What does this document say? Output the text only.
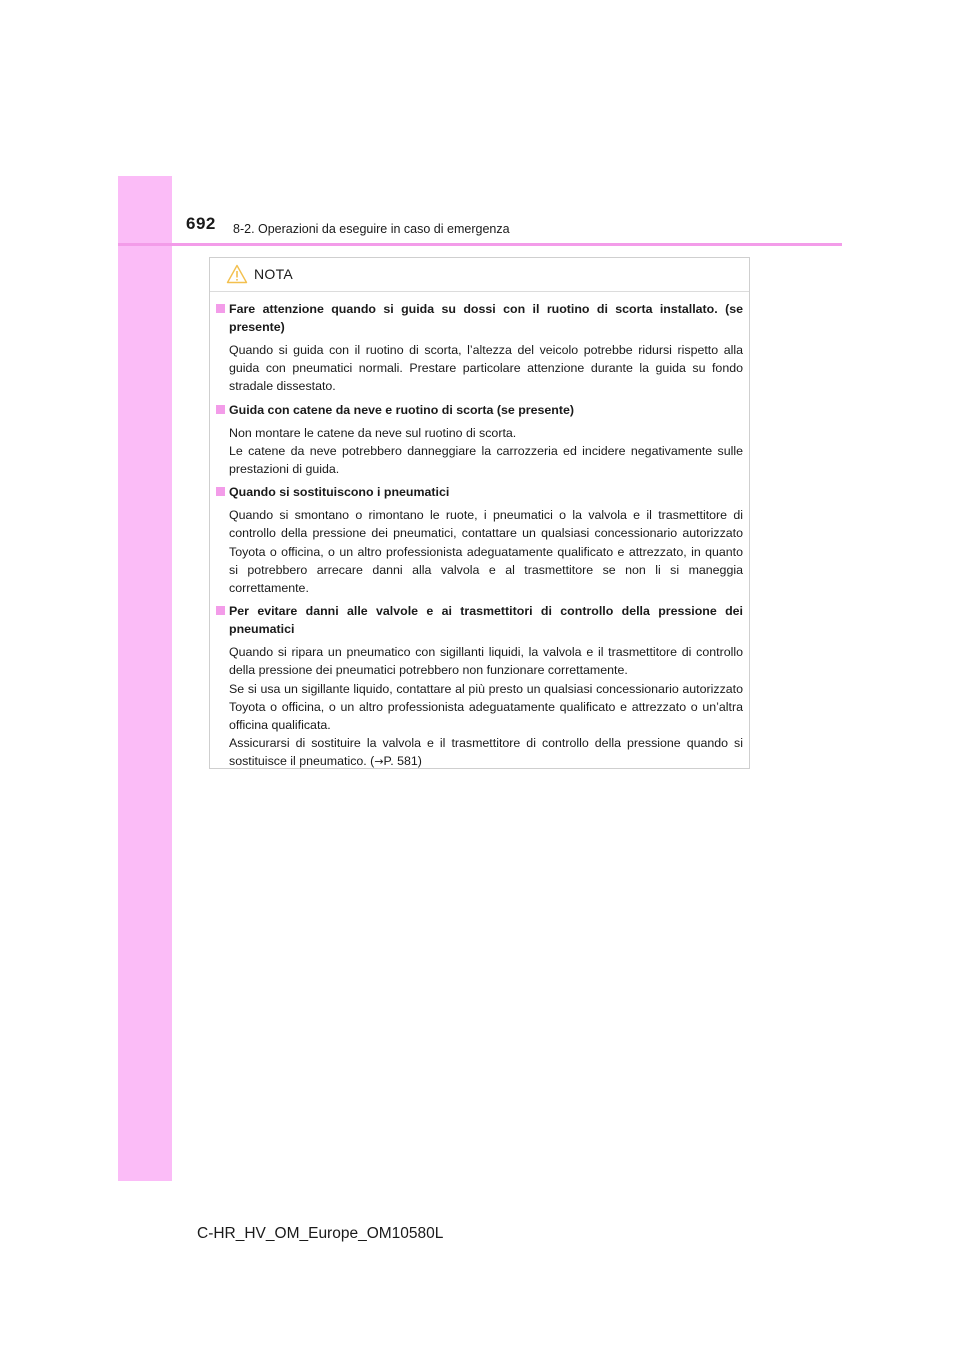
692 8-2. Operazioni da eseguire in caso di emergenza
NOTA
Fare attenzione quando si guida su dossi con il ruotino di scorta installato. (se presente)

Quando si guida con il ruotino di scorta, l’altezza del veicolo potrebbe ridursi rispetto alla guida con pneumatici normali. Prestare particolare attenzione durante la guida su fondo stradale dissestato.

Guida con catene da neve e ruotino di scorta (se presente)

Non montare le catene da neve sul ruotino di scorta.

Le catene da neve potrebbero danneggiare la carrozzeria ed incidere negativamente sulle prestazioni di guida.

Quando si sostituiscono i pneumatici

Quando si smontano o rimontano le ruote, i pneumatici o la valvola e il trasmettitore di controllo della pressione dei pneumatici, contattare un qualsiasi concessionario autorizzato Toyota o officina, o un altro professionista adeguatamente qualificato e attrezzato, in quanto si potrebbero arrecare danni alla valvola e al trasmettitore se non li si maneggia correttamente.

Per evitare danni alle valvole e ai trasmettitori di controllo della pressione dei pneumatici

Quando si ripara un pneumatico con sigillanti liquidi, la valvola e il trasmettitore di controllo della pressione dei pneumatici potrebbero non funzionare correttamente.

Se si usa un sigillante liquido, contattare al più presto un qualsiasi concessionario autorizzato Toyota o officina, o un altro professionista adeguatamente qualificato e attrezzato o un’altra officina qualificata.

Assicurarsi di sostituire la valvola e il trasmettitore di controllo della pressione quando si sostituisce il pneumatico. (→P. 581)

C-HR_HV_OM_Europe_OM10580L
